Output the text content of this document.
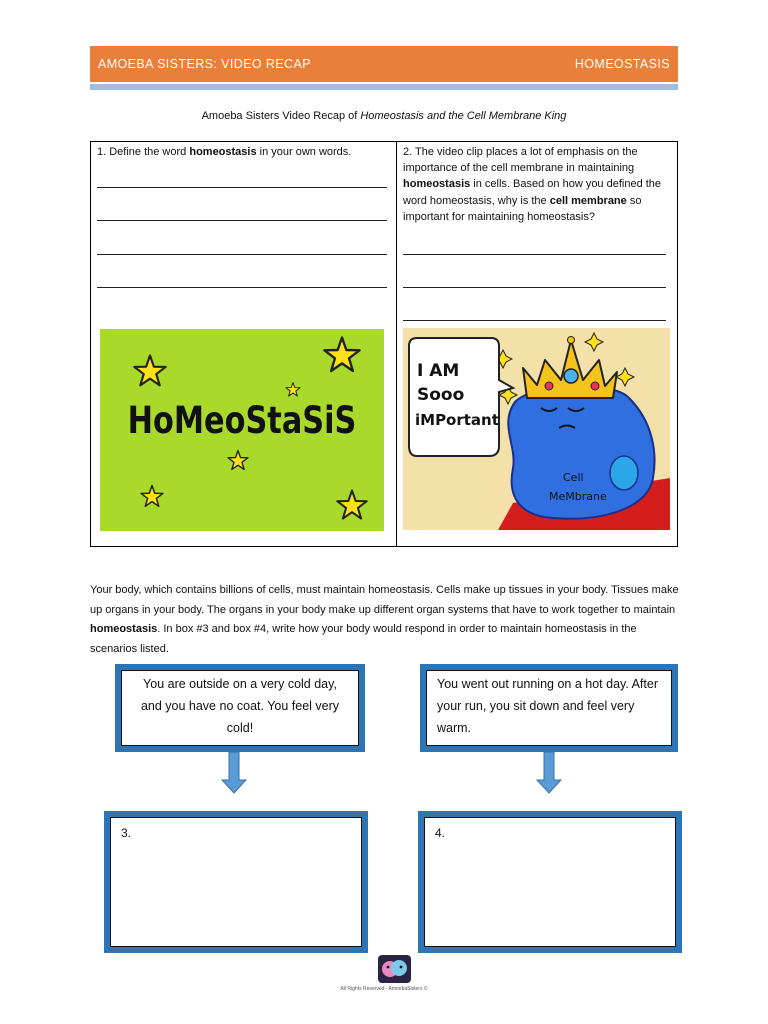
AMOEBA SISTERS: VIDEO RECAP	HOMEOSTASIS
Amoeba Sisters Video Recap of Homeostasis and the Cell Membrane King
1. Define the word homeostasis in your own words.	2. The video clip places a lot of emphasis on the importance of the cell membrane in maintaining homeostasis in cells. Based on how you defined the word homeostasis, why is the cell membrane so important for maintaining homeostasis?
HoMeoStaSiS
I AM
Sooo
iMPortant
Cell
MeMbrane
Your body, which contains billions of cells, must maintain homeostasis. Cells make up tissues in your body. Tissues make up organs in your body. The organs in your body make up different organ systems that have to work together to maintain homeostasis. In box #3 and box #4, write how your body would respond in order to maintain homeostasis in the scenarios listed.
You are outside on a very cold day, and you have no coat. You feel very cold!
You went out running on a hot day. After your run, you sit down and feel very warm.
3.	4.
All Rights Reserved - AmoebaSisters ©
